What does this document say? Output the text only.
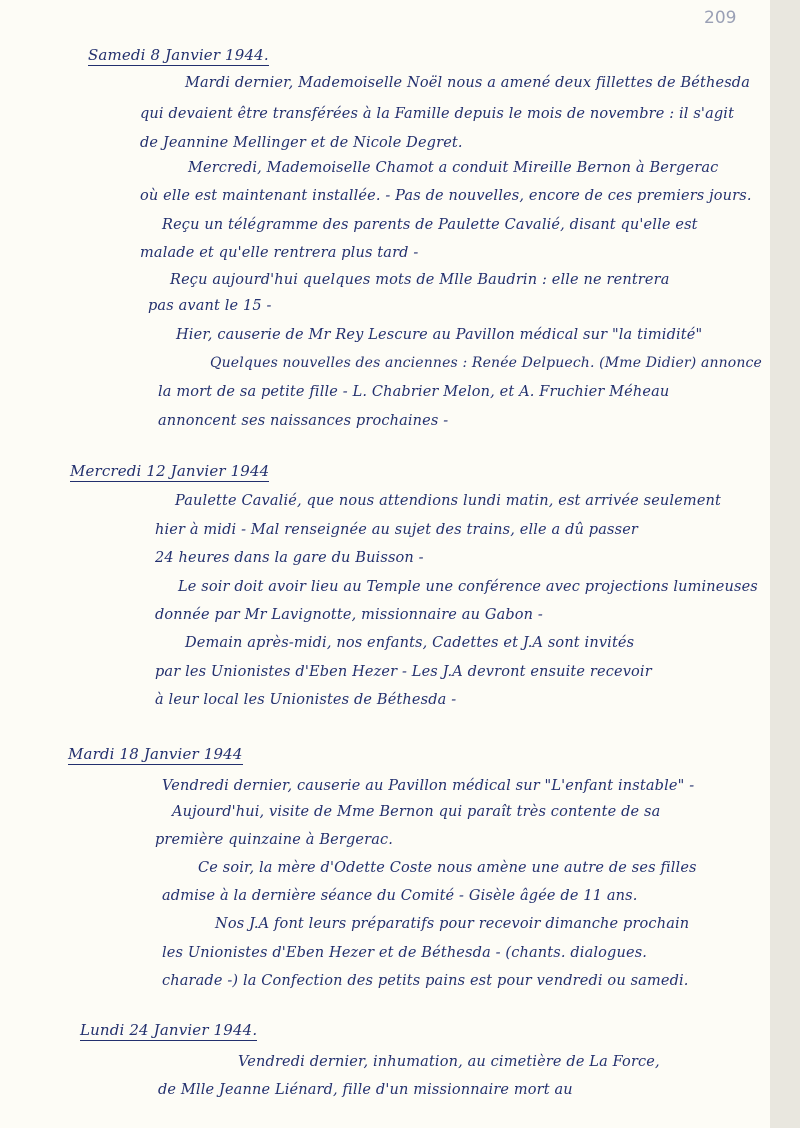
209
Samedi 8 Janvier 1944.
Mardi dernier, Mademoiselle Noël nous a amené deux fillettes de Béthesda
qui devaient être transférées à la Famille depuis le mois de novembre : il s'agit
de Jeannine Mellinger et de Nicole Degret.
Mercredi, Mademoiselle Chamot a conduit Mireille Bernon à Bergerac
où elle est maintenant installée. - Pas de nouvelles, encore de ces premiers jours.
Reçu un télégramme des parents de Paulette Cavalié, disant qu'elle est
malade et qu'elle rentrera plus tard -
Reçu aujourd'hui quelques mots de Mlle Baudrin : elle ne rentrera
pas avant le 15 -
Hier, causerie de Mr Rey Lescure au Pavillon médical sur "la timidité"
Quelques nouvelles des anciennes : Renée Delpuech. (Mme Didier) annonce
la mort de sa petite fille - L. Chabrier Melon, et A. Fruchier Méheau
annoncent ses naissances prochaines -
Mercredi 12 Janvier 1944
Paulette Cavalié, que nous attendions lundi matin, est arrivée seulement
hier à midi - Mal renseignée au sujet des trains, elle a dû passer
24 heures dans la gare du Buisson -
Le soir doit avoir lieu au Temple une conférence avec projections lumineuses
donnée par Mr Lavignotte, missionnaire au Gabon -
Demain après-midi, nos enfants, Cadettes et J.A sont invités
par les Unionistes d'Eben Hezer - Les J.A devront ensuite recevoir
à leur local les Unionistes de Béthesda -
Mardi 18 Janvier 1944
Vendredi dernier, causerie au Pavillon médical sur "L'enfant instable" -
Aujourd'hui, visite de Mme Bernon qui paraît très contente de sa
première quinzaine à Bergerac.
Ce soir, la mère d'Odette Coste nous amène une autre de ses filles
admise à la dernière séance du Comité - Gisèle âgée de 11 ans.
Nos J.A font leurs préparatifs pour recevoir dimanche prochain
les Unionistes d'Eben Hezer et de Béthesda - (chants. dialogues.
charade -) la Confection des petits pains est pour vendredi ou samedi.
Lundi 24 Janvier 1944.
Vendredi dernier, inhumation, au cimetière de La Force,
de Mlle Jeanne Liénard, fille d'un missionnaire mort au
